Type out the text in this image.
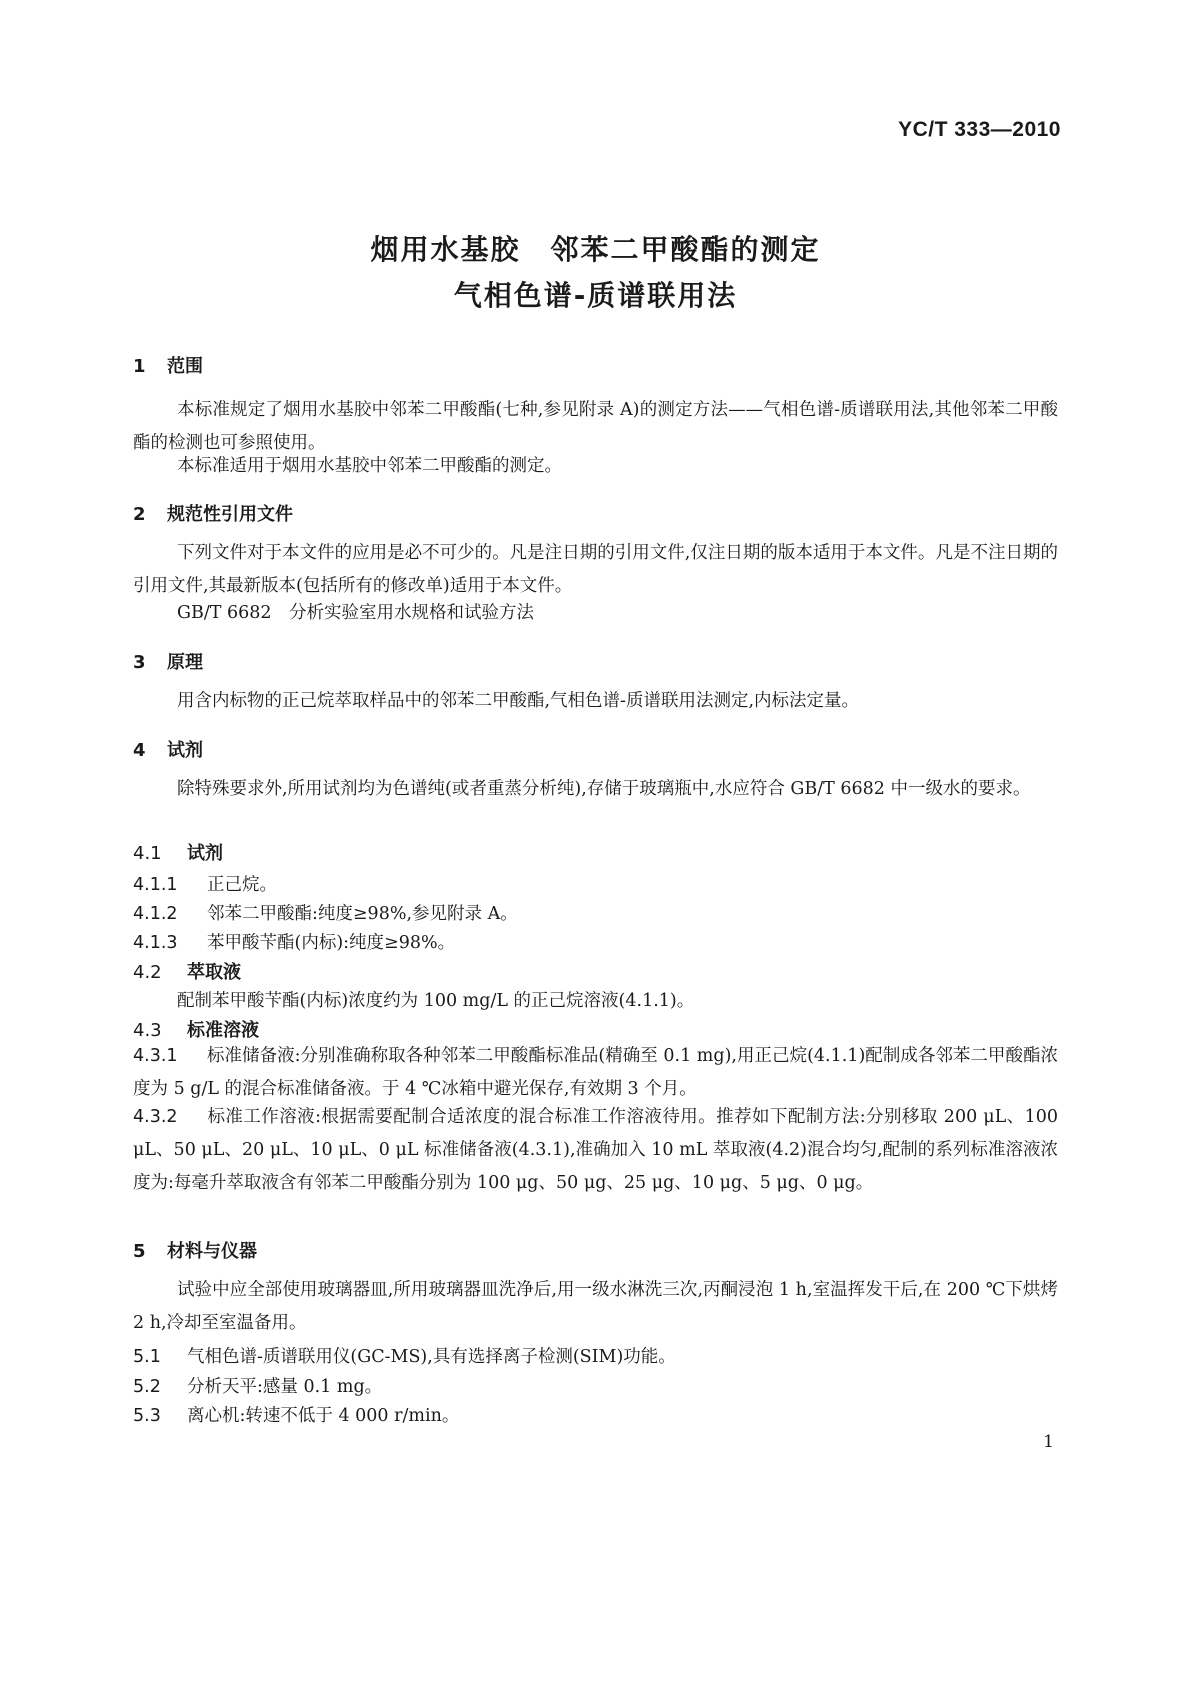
YC/T 333—2010
烟用水基胶 邻苯二甲酸酯的测定
气相色谱-质谱联用法
1 范围

本标准规定了烟用水基胶中邻苯二甲酸酯(七种,参见附录 A)的测定方法——气相色谱-质谱联用法,其他邻苯二甲酸酯的检测也可参照使用。

本标准适用于烟用水基胶中邻苯二甲酸酯的测定。

2 规范性引用文件

下列文件对于本文件的应用是必不可少的。凡是注日期的引用文件,仅注日期的版本适用于本文件。凡是不注日期的引用文件,其最新版本(包括所有的修改单)适用于本文件。

GB/T 6682　分析实验室用水规格和试验方法

3 原理

用含内标物的正己烷萃取样品中的邻苯二甲酸酯,气相色谱-质谱联用法测定,内标法定量。

4 试剂

除特殊要求外,所用试剂均为色谱纯(或者重蒸分析纯),存储于玻璃瓶中,水应符合 GB/T 6682 中一级水的要求。

4.1 试剂
4.1.1 正己烷。
4.1.2 邻苯二甲酸酯:纯度≥98%,参见附录 A。
4.1.3 苯甲酸苄酯(内标):纯度≥98%。
4.2 萃取液
配制苯甲酸苄酯(内标)浓度约为 100 mg/L 的正己烷溶液(4.1.1)。
4.3 标准溶液

4.3.1 标准储备液:分别准确称取各种邻苯二甲酸酯标准品(精确至 0.1 mg),用正己烷(4.1.1)配制成各邻苯二甲酸酯浓度为 5 g/L 的混合标准储备液。于 4 ℃冰箱中避光保存,有效期 3 个月。

4.3.2 标准工作溶液:根据需要配制合适浓度的混合标准工作溶液待用。推荐如下配制方法:分别移取 200 μL、100 μL、50 μL、20 μL、10 μL、0 μL 标准储备液(4.3.1),准确加入 10 mL 萃取液(4.2)混合均匀,配制的系列标准溶液浓度为:每毫升萃取液含有邻苯二甲酸酯分别为 100 μg、50 μg、25 μg、10 μg、5 μg、0 μg。

5 材料与仪器

试验中应全部使用玻璃器皿,所用玻璃器皿洗净后,用一级水淋洗三次,丙酮浸泡 1 h,室温挥发干后,在 200 ℃下烘烤 2 h,冷却至室温备用。

5.1 气相色谱-质谱联用仪(GC-MS),具有选择离子检测(SIM)功能。
5.2 分析天平:感量 0.1 mg。
5.3 离心机:转速不低于 4 000 r/min。
1
